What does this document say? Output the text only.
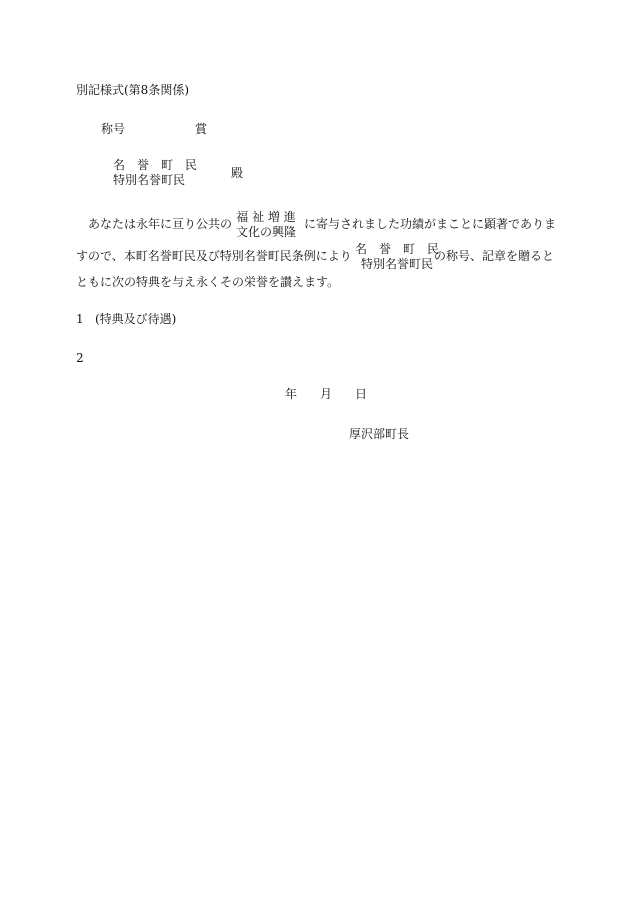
別記様式(第8条関係)
称号	賞
名　誉　町　民
特別名誉町民	殿
　あなたは永年に亘り公共の 福 祉 増 進
文化の興隆
に寄与されました功績がまことに顕著でありま
すので、本町名誉町民及び特別名誉町民条例により 名　誉　町　民
特別名誉町民
の称号、記章を贈ると
ともに次の特典を与え永くその栄誉を讃えます。
1 (特典及び待遇)
2
年 月 日
厚沢部町長
